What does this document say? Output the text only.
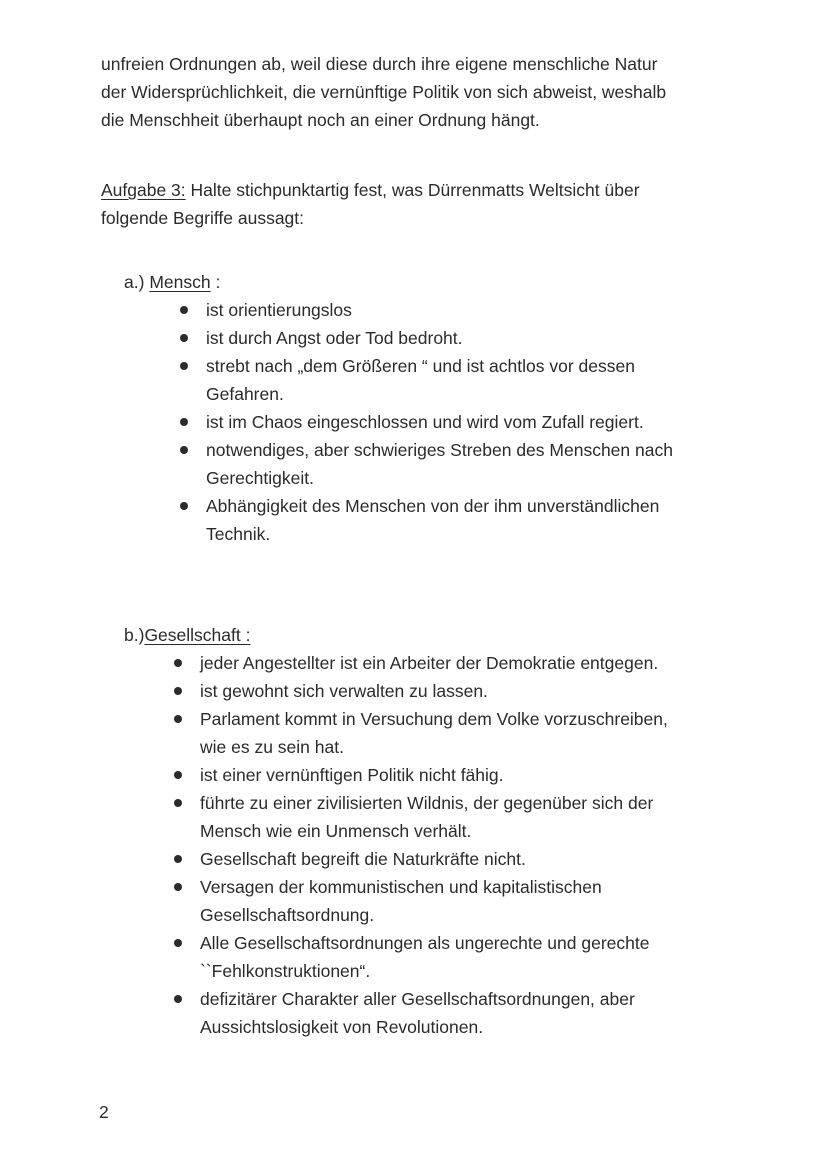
unfreien Ordnungen ab, weil diese durch ihre eigene menschliche Natur
der Widersprüchlichkeit, die vernünftige Politik von sich abweist, weshalb
die Menschheit überhaupt noch an einer Ordnung hängt.
Aufgabe 3: Halte stichpunktartig fest, was Dürrenmatts Weltsicht über
folgende Begriffe aussagt:
a.) Mensch :
ist orientierungslos
ist durch Angst oder Tod bedroht.
strebt nach „dem Größeren “ und ist achtlos vor dessen
Gefahren.
ist im Chaos eingeschlossen und wird vom Zufall regiert.
notwendiges, aber schwieriges Streben des Menschen nach
Gerechtigkeit.
Abhängigkeit des Menschen von der ihm unverständlichen
Technik.
b.)Gesellschaft :
jeder Angestellter ist ein Arbeiter der Demokratie entgegen.
ist gewohnt sich verwalten zu lassen.
Parlament kommt in Versuchung dem Volke vorzuschreiben,
wie es zu sein hat.
ist einer vernünftigen Politik nicht fähig.
führte zu einer zivilisierten Wildnis, der gegenüber sich der
Mensch wie ein Unmensch verhält.
Gesellschaft begreift die Naturkräfte nicht.
Versagen der kommunistischen und kapitalistischen
Gesellschaftsordnung.
Alle Gesellschaftsordnungen als ungerechte und gerechte
``Fehlkonstruktionen“.
defizitärer Charakter aller Gesellschaftsordnungen, aber
Aussichtslosigkeit von Revolutionen.
2
